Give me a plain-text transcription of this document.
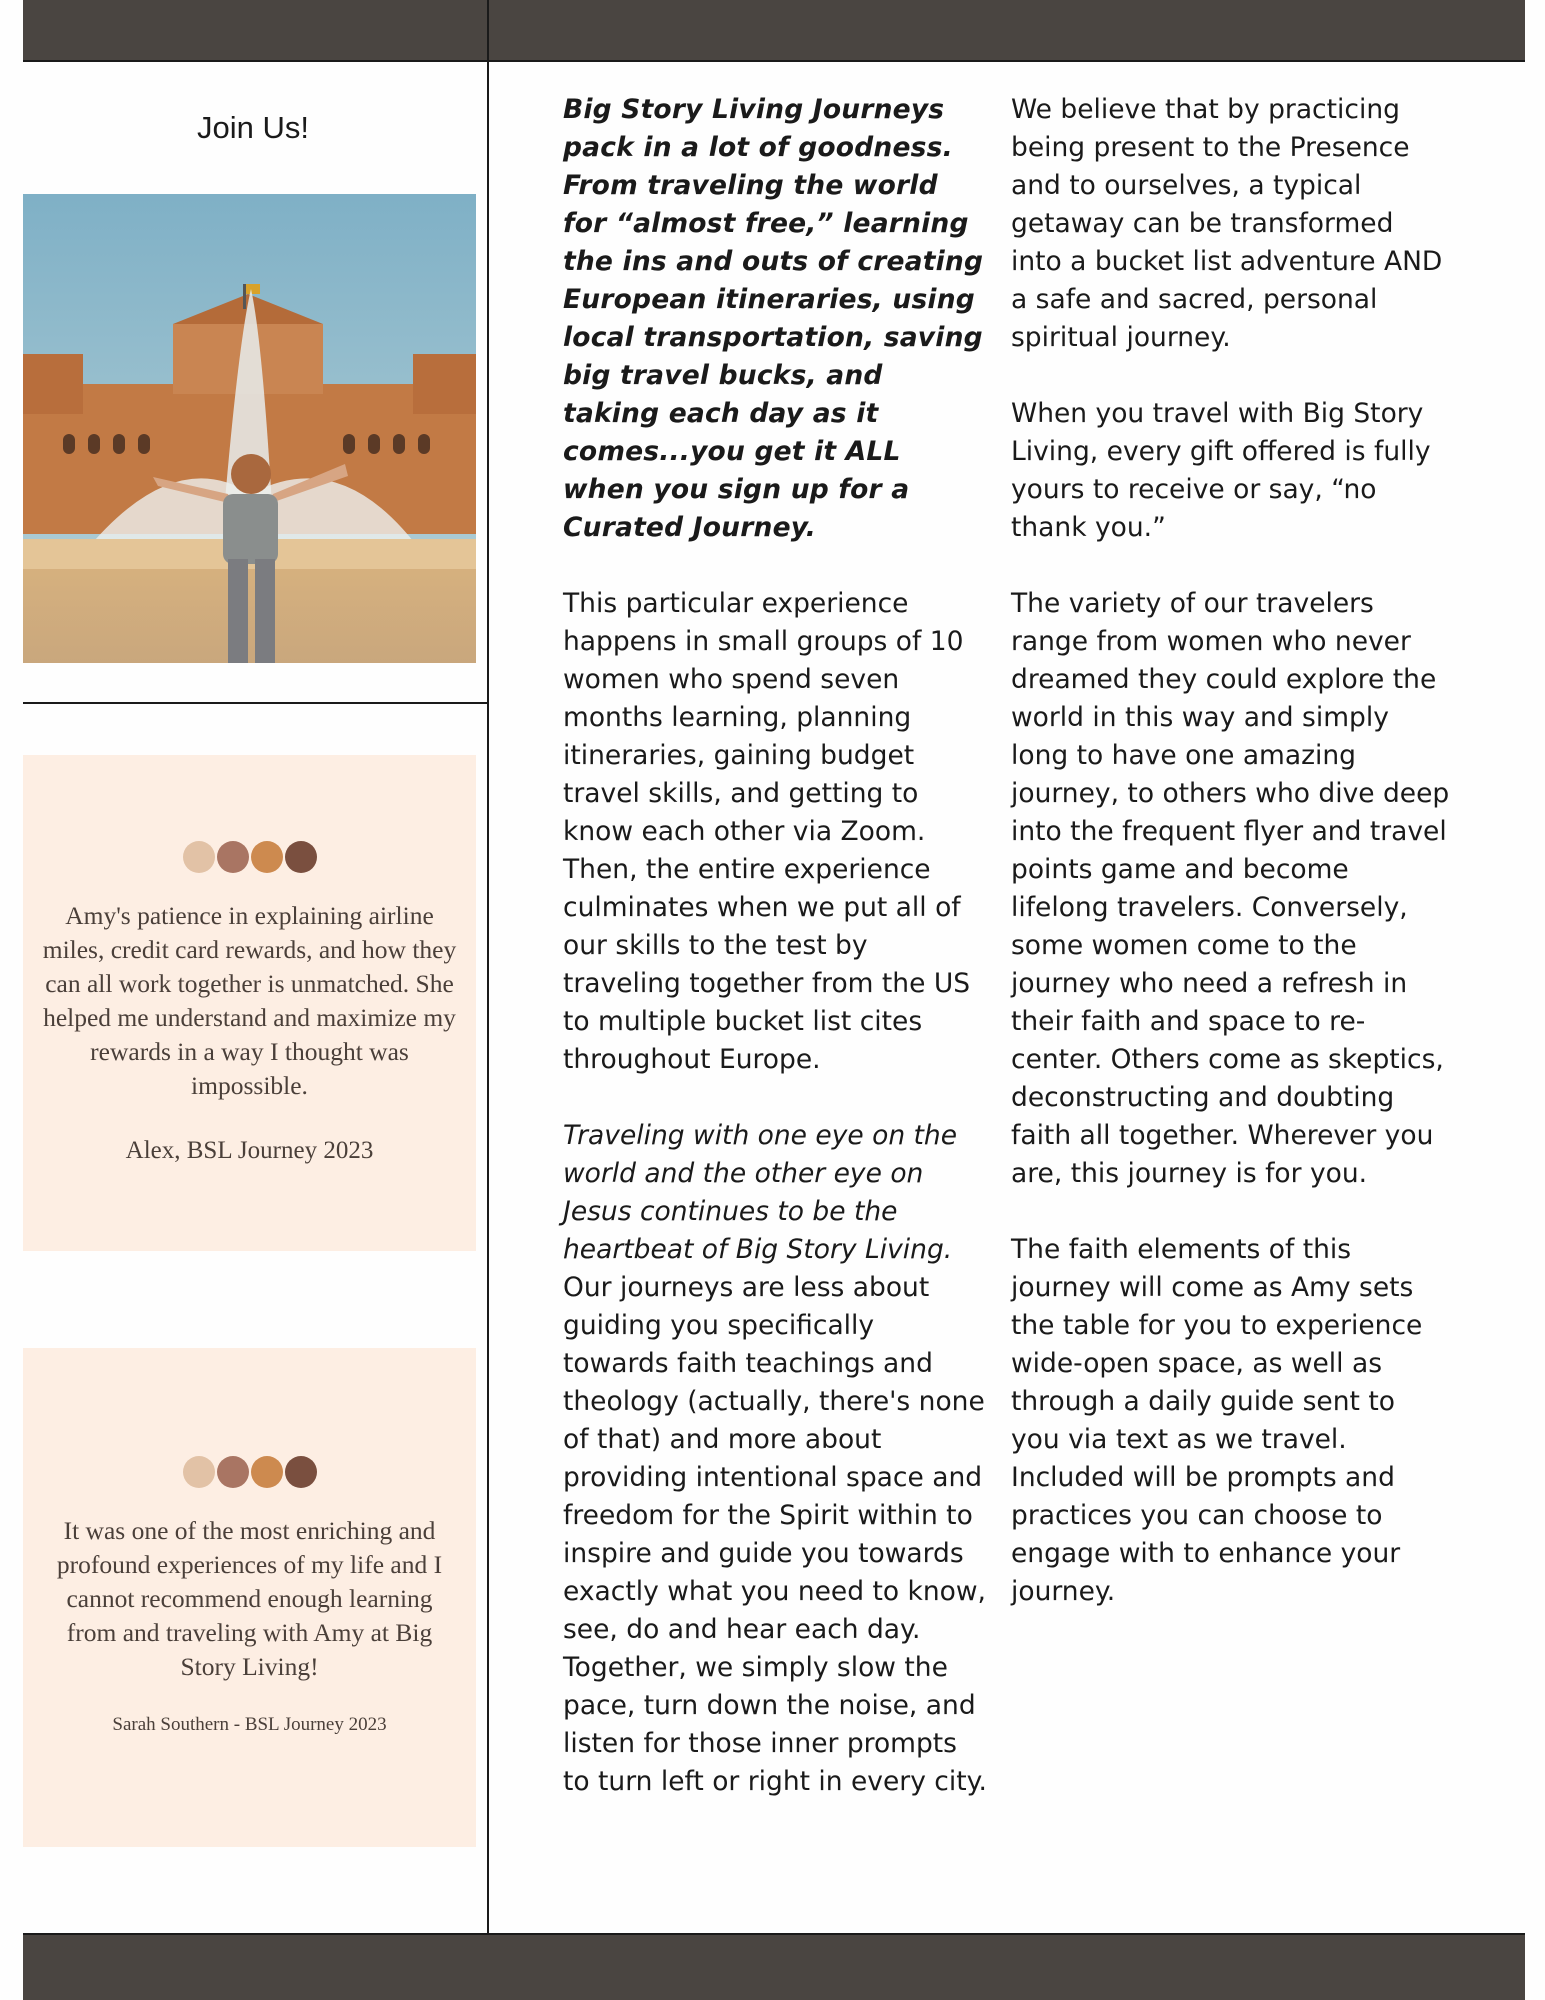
Join Us!
Amy's patience in explaining airline miles, credit card rewards, and how they can all work together is unmatched. She helped me understand and maximize my rewards in a way I thought was impossible.
Alex, BSL Journey 2023
It was one of the most enriching and profound experiences of my life and I cannot recommend enough learning from and traveling with Amy at Big Story Living!
Sarah Southern - BSL Journey 2023

Big Story Living Journeys pack in a lot of goodness. From traveling the world for “almost free,” learning the ins and outs of creating European itineraries, using local transportation, saving big travel bucks, and taking each day as it comes...you get it ALL when you sign up for a Curated Journey.

This particular experience happens in small groups of 10 women who spend seven months learning, planning itineraries, gaining budget travel skills, and getting to know each other via Zoom. Then, the entire experience culminates when we put all of our skills to the test by traveling together from the US to multiple bucket list cites throughout Europe.

Traveling with one eye on the world and the other eye on Jesus continues to be the heartbeat of Big Story Living. Our journeys are less about guiding you specifically towards faith teachings and theology (actually, there's none of that) and more about providing intentional space and freedom for the Spirit within to inspire and guide you towards exactly what you need to know, see, do and hear each day. Together, we simply slow the pace, turn down the noise, and listen for those inner prompts to turn left or right in every city.

We believe that by practicing being present to the Presence and to ourselves, a typical getaway can be transformed into a bucket list adventure AND a safe and sacred, personal spiritual journey.

When you travel with Big Story Living, every gift offered is fully yours to receive or say, “no thank you.”

The variety of our travelers range from women who never dreamed they could explore the world in this way and simply long to have one amazing journey, to others who dive deep into the frequent flyer and travel points game and become lifelong travelers. Conversely, some women come to the journey who need a refresh in their faith and space to re-center. Others come as skeptics, deconstructing and doubting faith all together. Wherever you are, this journey is for you.

The faith elements of this journey will come as Amy sets the table for you to experience wide-open space, as well as through a daily guide sent to you via text as we travel. Included will be prompts and practices you can choose to engage with to enhance your journey.
